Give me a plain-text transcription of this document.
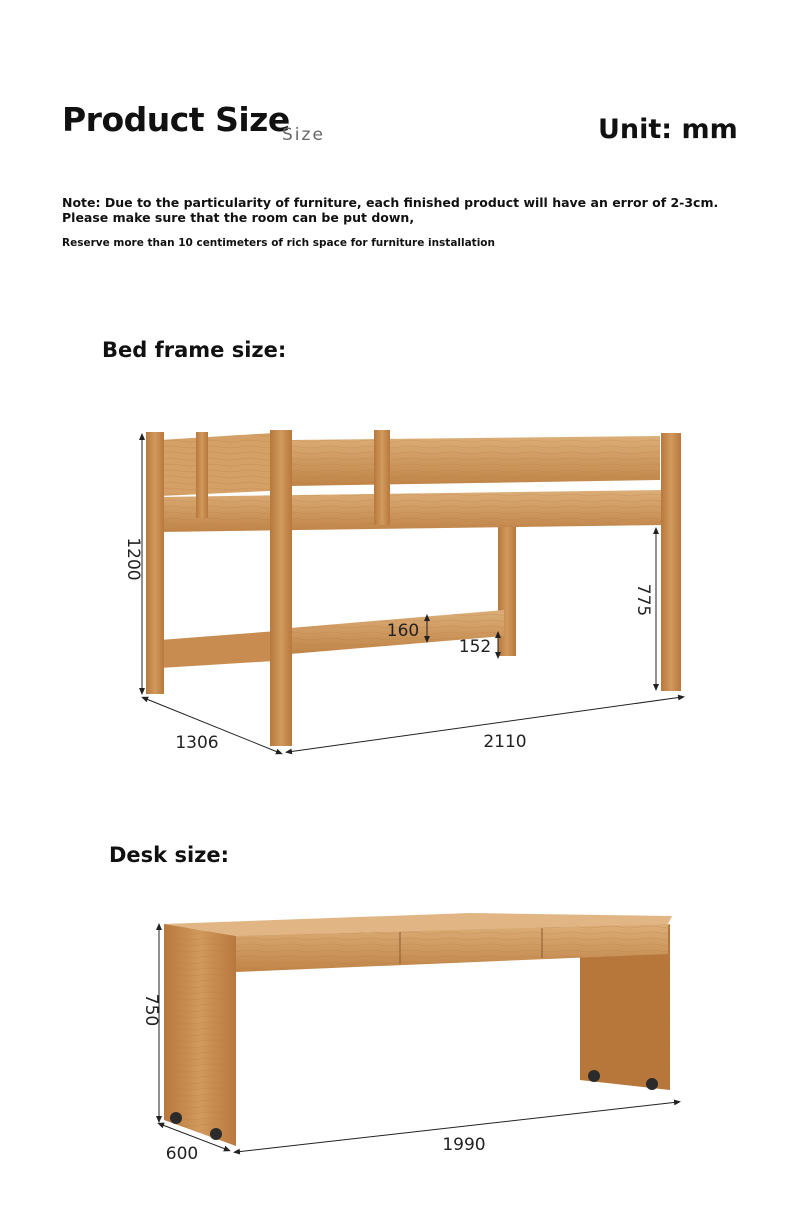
Product Size
Size	Unit: mm
Note: Due to the particularity of furniture, each finished product will have an error of 2-3cm.
Please make sure that the room can be put down,
Reserve more than 10 centimeters of rich space for furniture installation
Bed frame size:
Desk size:
1200
775
160
152
1306	2110
750
600	1990
